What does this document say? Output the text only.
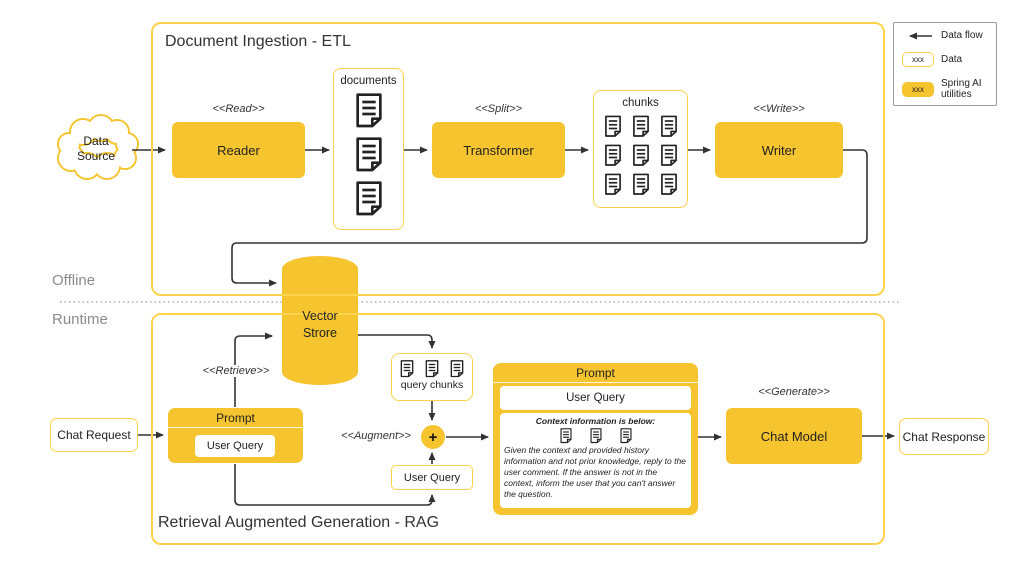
Document Ingestion - ETL
Data
Source
<<Read>>
Reader
documents
<<Split>>
Transformer
chunks	<<Write>>
Writer
Offline
Runtime	Vector
Strore
Retrieval Augmented Generation - RAG
Chat Request
<<Retrieve>>
Prompt
User Query
query chunks
<<Augment>>	+
User Query
Prompt
User Query
Context information is below:
Given the context and provided history information and not prior knowledge, reply to the user comment. If the answer is not in the context, inform the user that you can't answer the question.
<<Generate>>
Chat Model	Chat Response
Data flow
xxx	Data
xxx	Spring AI utilities
